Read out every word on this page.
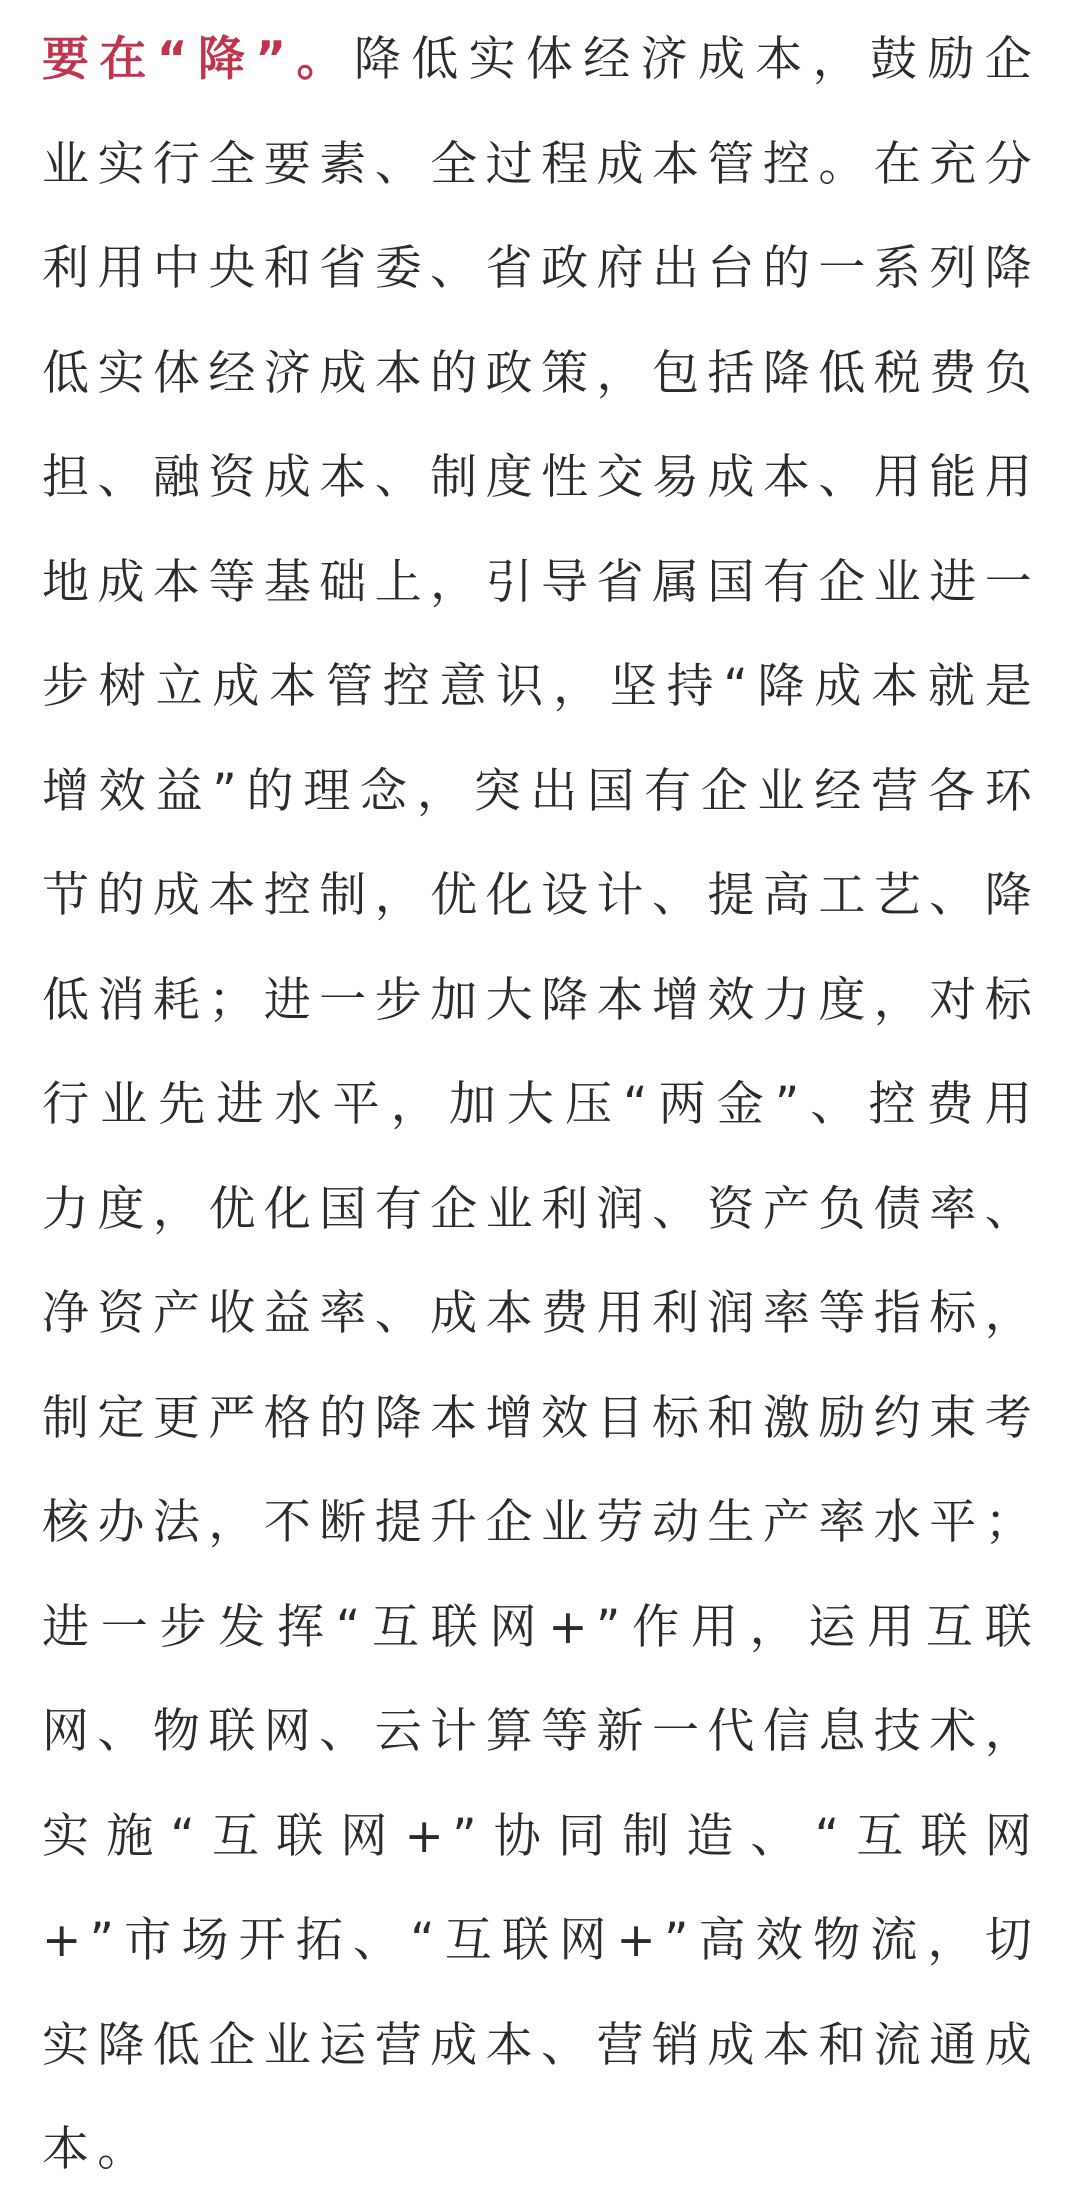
要在“降”。降低实体经济成本，鼓励企业实行全要素、全过程成本管控。在充分利用中央和省委、省政府出台的一系列降低实体经济成本的政策，包括降低税费负担、融资成本、制度性交易成本、用能用地成本等基础上，引导省属国有企业进一步树立成本管控意识，坚持“降成本就是增效益”的理念，突出国有企业经营各环节的成本控制，优化设计、提高工艺、降低消耗；进一步加大降本增效力度，对标行业先进水平，加大压“两金”、控费用力度，优化国有企业利润、资产负债率、净资产收益率、成本费用利润率等指标，制定更严格的降本增效目标和激励约束考核办法，不断提升企业劳动生产率水平；进一步发挥“互联网+”作用，运用互联网、物联网、云计算等新一代信息技术，实施“互联网+”协同制造、“互联网+”市场开拓、“互联网+”高效物流，切实降低企业运营成本、营销成本和流通成本。
